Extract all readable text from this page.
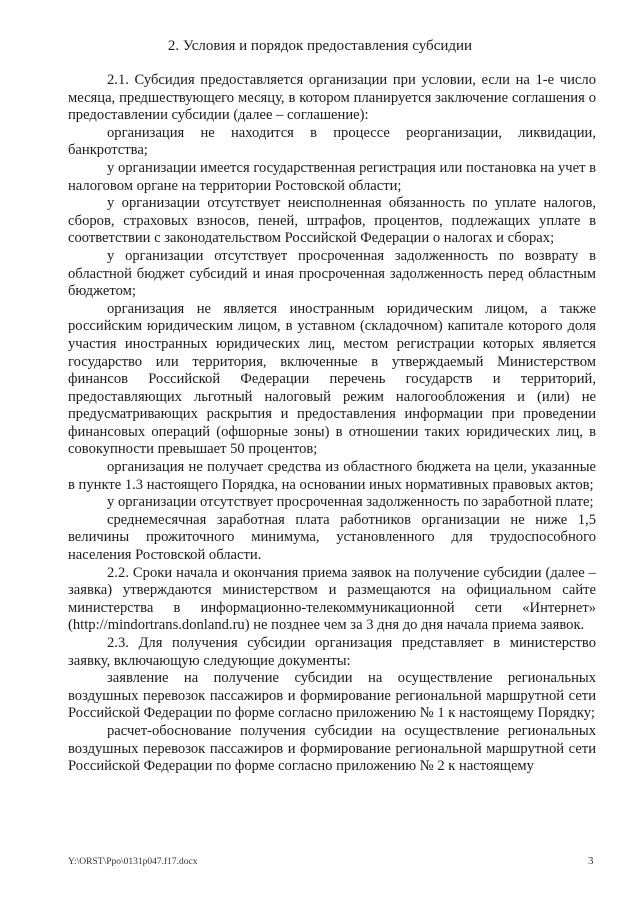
2. Условия и порядок предоставления субсидии

2.1. Субсидия предоставляется организации при условии, если на 1-е число месяца, предшествующего месяцу, в котором планируется заключение соглашения о предоставлении субсидии (далее – соглашение):

организация не находится в процессе реорганизации, ликвидации, банкротства;

у организации имеется государственная регистрация или постановка на учет в налоговом органе на территории Ростовской области;

у организации отсутствует неисполненная обязанность по уплате налогов, сборов, страховых взносов, пеней, штрафов, процентов, подлежащих уплате в соответствии с законодательством Российской Федерации о налогах и сборах;

у организации отсутствует просроченная задолженность по возврату в областной бюджет субсидий и иная просроченная задолженность перед областным бюджетом;

организация не является иностранным юридическим лицом, а также российским юридическим лицом, в уставном (складочном) капитале которого доля участия иностранных юридических лиц, местом регистрации которых является государство или территория, включенные в утверждаемый Министерством финансов Российской Федерации перечень государств и территорий, предоставляющих льготный налоговый режим налогообложения и (или) не предусматривающих раскрытия и предоставления информации при проведении финансовых операций (офшорные зоны) в отношении таких юридических лиц, в совокупности превышает 50 процентов;

организация не получает средства из областного бюджета на цели, указанные в пункте 1.3 настоящего Порядка, на основании иных нормативных правовых актов;

у организации отсутствует просроченная задолженность по заработной плате;

среднемесячная заработная плата работников организации не ниже 1,5 величины прожиточного минимума, установленного для трудоспособного населения Ростовской области.

2.2. Сроки начала и окончания приема заявок на получение субсидии (далее – заявка) утверждаются министерством и размещаются на официальном сайте министерства в информационно-телекоммуникационной сети «Интернет» (http://mindortrans.donland.ru) не позднее чем за 3 дня до дня начала приема заявок.

2.3. Для получения субсидии организация представляет в министерство заявку, включающую следующие документы:

заявление на получение субсидии на осуществление региональных воздушных перевозок пассажиров и формирование региональной маршрутной сети Российской Федерации по форме согласно приложению № 1 к настоящему Порядку;

расчет-обоснование получения субсидии на осуществление региональных воздушных перевозок пассажиров и формирование региональной маршрутной сети Российской Федерации по форме согласно приложению № 2 к настоящему

Y:\ORST\Ppo\0131p047.f17.docx	3
